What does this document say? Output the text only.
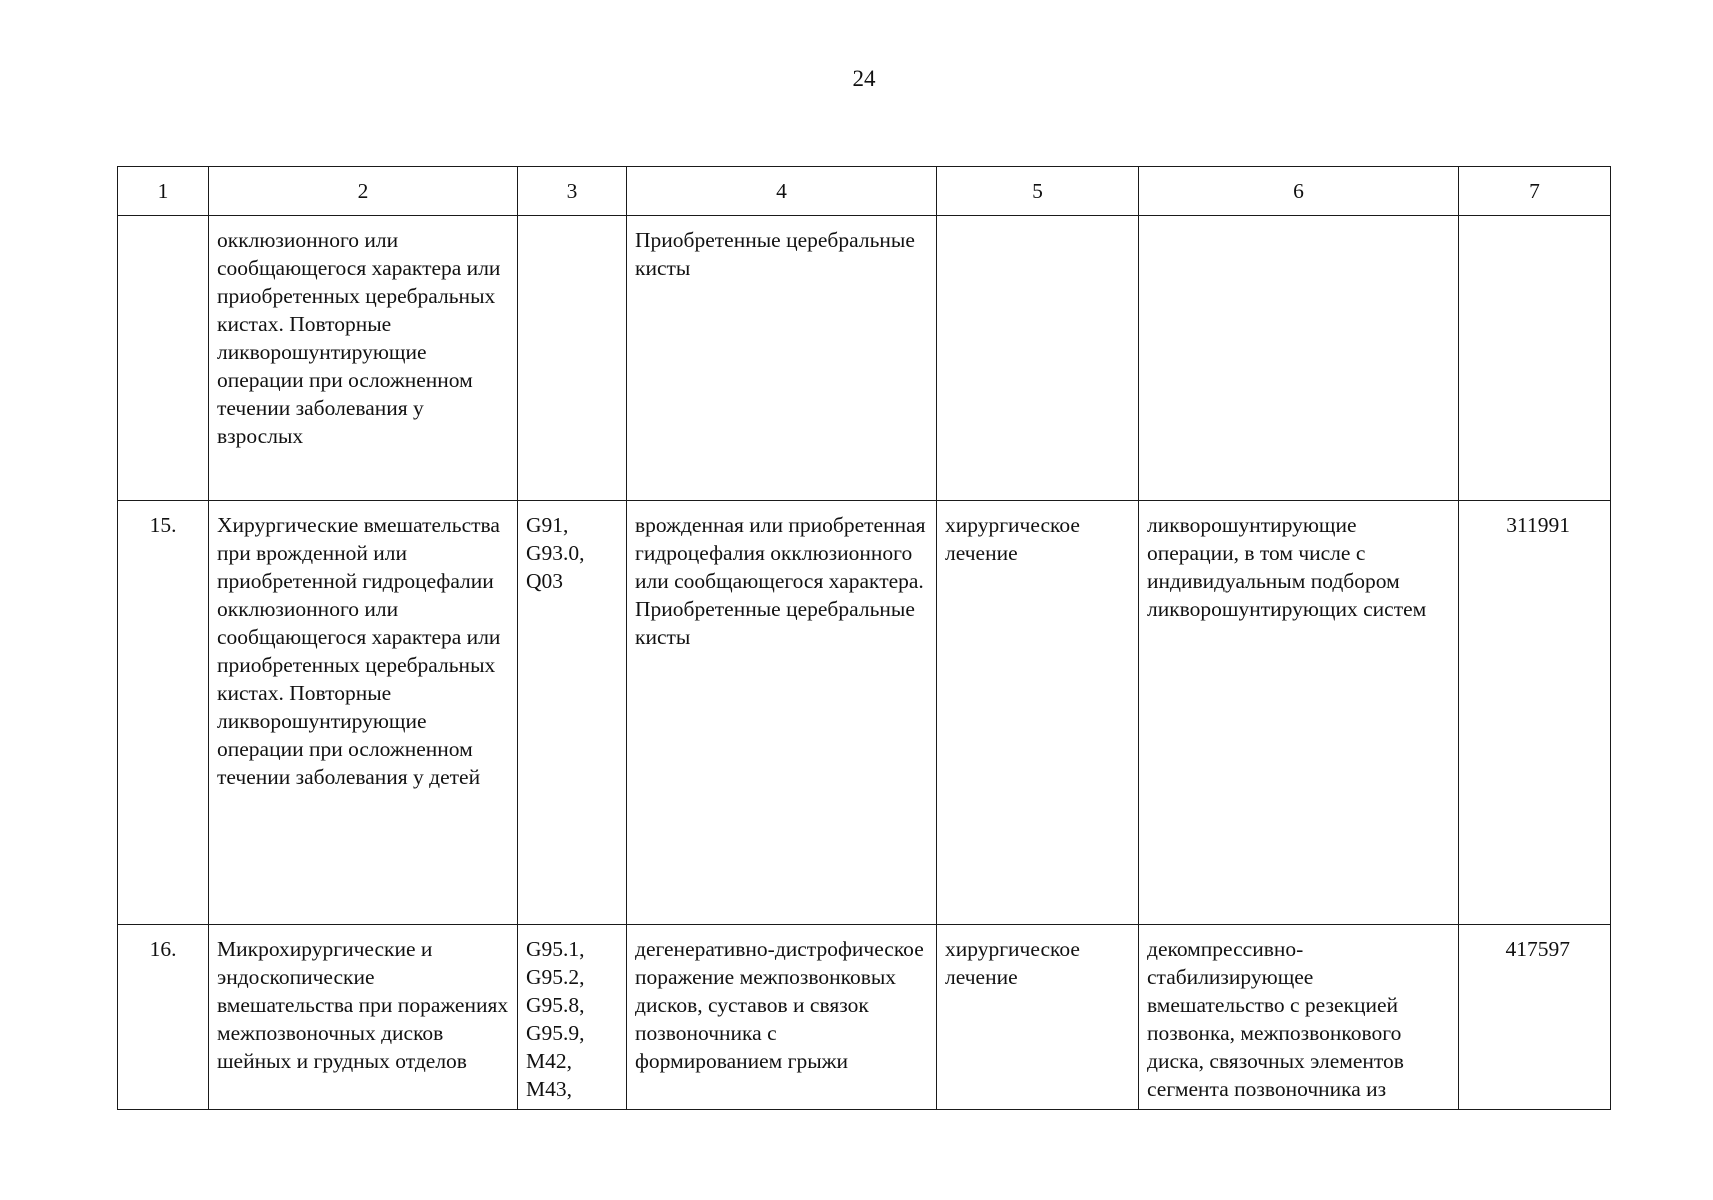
24
1	2	3	4	5	6	7
	окклюзионного или сообщающегося характера или приобретенных церебральных кистах. Повторные ликворошунтирующие операции при осложненном течении заболевания у взрослых		Приобретенные церебральные кисты			
15.	Хирургические вмешательства при врожденной или приобретенной гидроцефалии окклюзионного или сообщающегося характера или приобретенных церебральных кистах. Повторные ликворошунтирующие операции при осложненном течении заболевания у детей	G91, G93.0, Q03	врожденная или приобретенная гидроцефалия окклюзионного или сообщающегося характера. Приобретенные церебральные кисты	хирургическое лечение	ликворошунтирующие операции, в том числе с индивидуальным подбором ликворошунтирующих систем	311991
16.	Микрохирургические и эндоскопические вмешательства при поражениях межпозвоночных дисков шейных и грудных отделов	G95.1, G95.2, G95.8, G95.9, M42, M43,	дегенеративно-дистрофическое поражение межпозвонковых дисков, суставов и связок позвоночника с формированием грыжи	хирургическое лечение	декомпрессивно-стабилизирующее вмешательство с резекцией позвонка, межпозвонкового диска, связочных элементов сегмента позвоночника из	417597
